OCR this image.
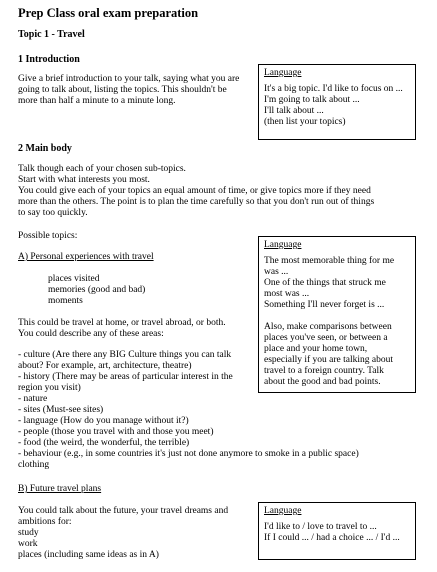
Prep Class oral exam preparation
Topic 1 - Travel
1 Introduction
Give a brief introduction to your talk, saying what you are
going to talk about, listing the topics. This shouldn't be
more than half a minute to a minute long.
Language
It's a big topic. I'd like to focus on ...
I'm going to talk about ...
I'll talk about ...
(then list your topics)
2 Main body
Talk though each of your chosen sub-topics.
Start with what interests you most.
You could give each of your topics an equal amount of time, or give topics more if they need
more than the others. The point is to plan the time carefully so that you don't run out of things
to say too quickly.
Possible topics:
A) Personal experiences with travel
places visited
memories (good and bad)
moments
This could be travel at home, or travel abroad, or both.
You could describe any of these areas:
- culture (Are there any BIG Culture things you can talk
about? For example, art, architecture, theatre)
- history (There may be areas of particular interest in the
region you visit)
- nature
- sites (Must-see sites)
- language (How do you manage without it?)
- people (those you travel with and those you meet)
- food (the weird, the wonderful, the terrible)
- behaviour (e.g., in some countries it's just not done anymore to smoke in a public space)
clothing
Language
The most memorable thing for me
was ...
One of the things that struck me
most was ...
Something I'll never forget is ...
Also, make comparisons between
places you've seen, or between a
place and your home town,
especially if you are talking about
travel to a foreign country. Talk
about the good and bad points.
B) Future travel plans
You could talk about the future, your travel dreams and
ambitions for:
study
work
places (including same ideas as in A)
Language
I'd like to / love to travel to ...
If I could ... / had a choice ... / I'd ...
